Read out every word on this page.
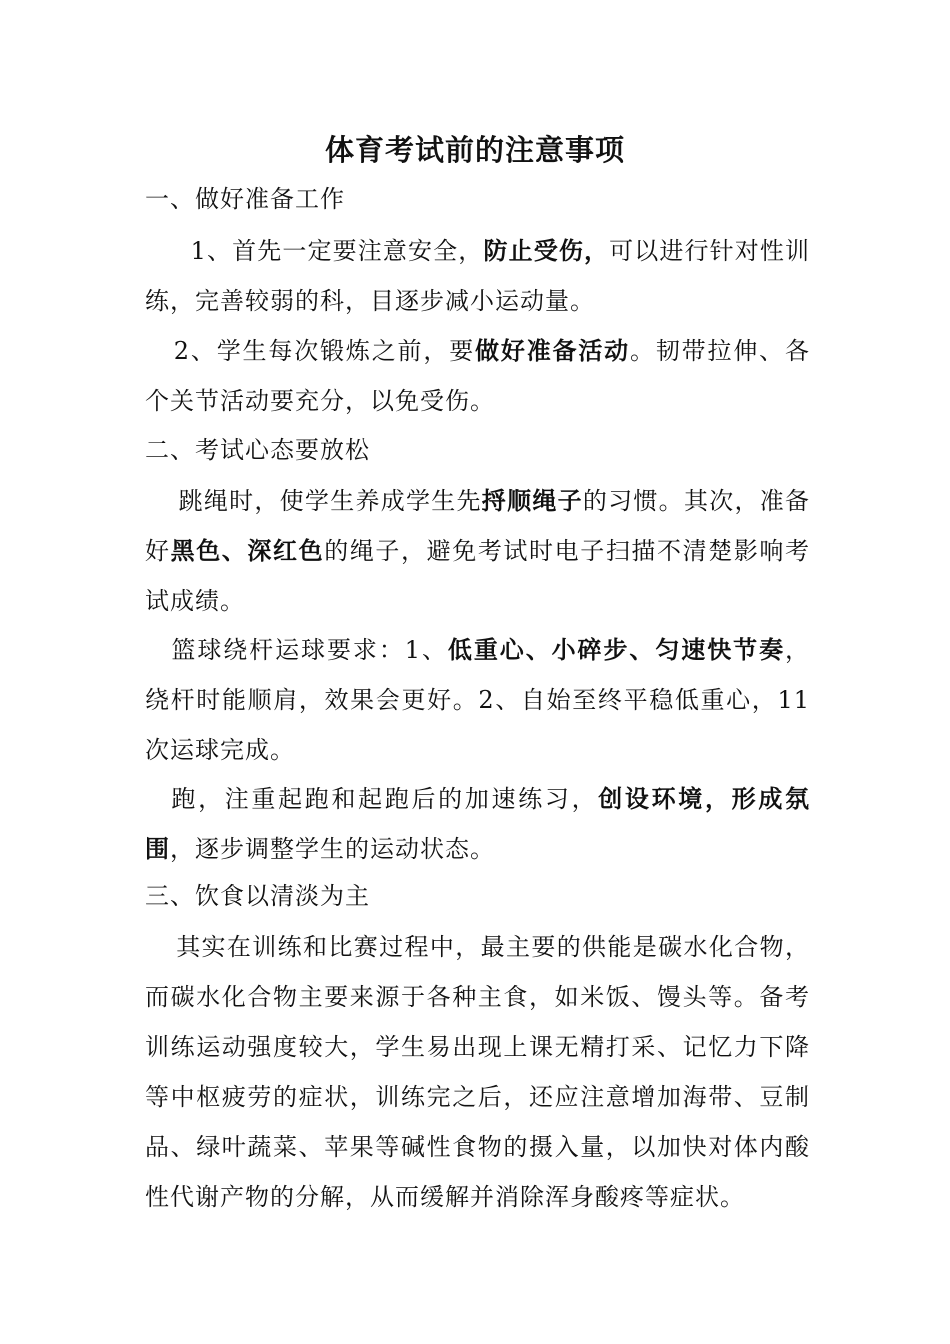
体育考试前的注意事项
一、做好准备工作

1、首先一定要注意安全，防止受伤，可以进行针对性训练，完善较弱的科，目逐步减小运动量。

2、学生每次锻炼之前，要做好准备活动。韧带拉伸、各个关节活动要充分，以免受伤。

二、考试心态要放松

跳绳时，使学生养成学生先捋顺绳子的习惯。其次，准备好黑色、深红色的绳子，避免考试时电子扫描不清楚影响考试成绩。

篮球绕杆运球要求：1、低重心、小碎步、匀速快节奏，绕杆时能顺肩，效果会更好。2、自始至终平稳低重心，11 次运球完成。

跑，注重起跑和起跑后的加速练习，创设环境，形成氛围，逐步调整学生的运动状态。

三、饮食以清淡为主

其实在训练和比赛过程中，最主要的供能是碳水化合物，而碳水化合物主要来源于各种主食，如米饭、馒头等。备考训练运动强度较大，学生易出现上课无精打采、记忆力下降等中枢疲劳的症状，训练完之后，还应注意增加海带、豆制品、绿叶蔬菜、苹果等碱性食物的摄入量，以加快对体内酸性代谢产物的分解，从而缓解并消除浑身酸疼等症状。
